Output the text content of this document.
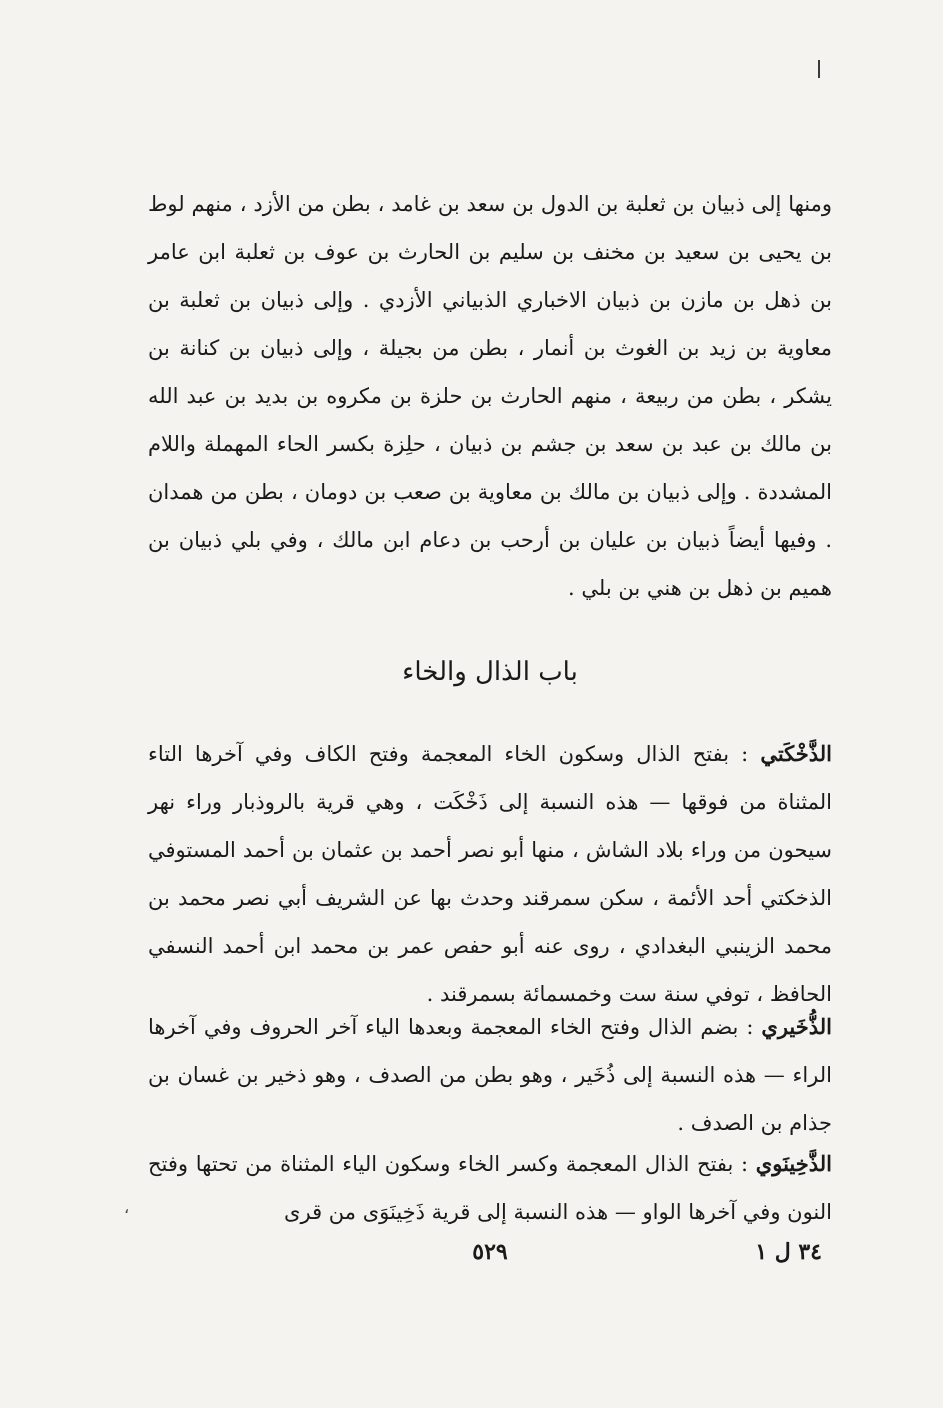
،

ومنها إلى ذبيان بن ثعلبة بن الدول بن سعد بن غامد ، بطن من الأزد ، منهم لوط بن يحيى بن سعيد بن مخنف بن سليم بن الحارث بن عوف بن ثعلبة ابن عامر بن ذهل بن مازن بن ذبيان الاخباري الذبياني الأزدي . وإلى ذبيان بن ثعلبة بن معاوية بن زيد بن الغوث بن أنمار ، بطن من بجيلة ، وإلى ذبيان بن كنانة بن يشكر ، بطن من ربيعة ، منهم الحارث بن حلزة بن مكروه بن بديد بن عبد الله بن مالك بن عبد بن سعد بن جشم بن ذبيان ، حلِزة بكسر الحاء المهملة واللام المشددة . وإلى ذبيان بن مالك بن معاوية بن صعب بن دومان ، بطن من همدان . وفيها أيضاً ذبيان بن عليان بن أرحب بن دعام ابن مالك ، وفي بلي ذبيان بن هميم بن ذهل بن هني بن بلي .

باب الذال والخاء

الذَّخْكَتي : بفتح الذال وسكون الخاء المعجمة وفتح الكاف وفي آخرها التاء المثناة من فوقها — هذه النسبة إلى ذَخْكَت ، وهي قرية بالروذبار وراء نهر سيحون من وراء بلاد الشاش ، منها أبو نصر أحمد بن عثمان بن أحمد المستوفي الذخكتي أحد الأئمة ، سكن سمرقند وحدث بها عن الشريف أبي نصر محمد بن محمد الزينبي البغدادي ، روى عنه أبو حفص عمر بن محمد ابن أحمد النسفي الحافظ ، توفي سنة ست وخمسمائة بسمرقند .

الذُّخَيري : بضم الذال وفتح الخاء المعجمة وبعدها الياء آخر الحروف وفي آخرها الراء — هذه النسبة إلى ذُخَير ، وهو بطن من الصدف ، وهو ذخير بن غسان بن جذام بن الصدف .

الذَّخِينَوي : بفتح الذال المعجمة وكسر الخاء وسكون الياء المثناة من تحتها وفتح النون وفي آخرها الواو — هذه النسبة إلى قرية ذَخِينَوَى من قرى

٣٤ ل ١
٥٢٩
